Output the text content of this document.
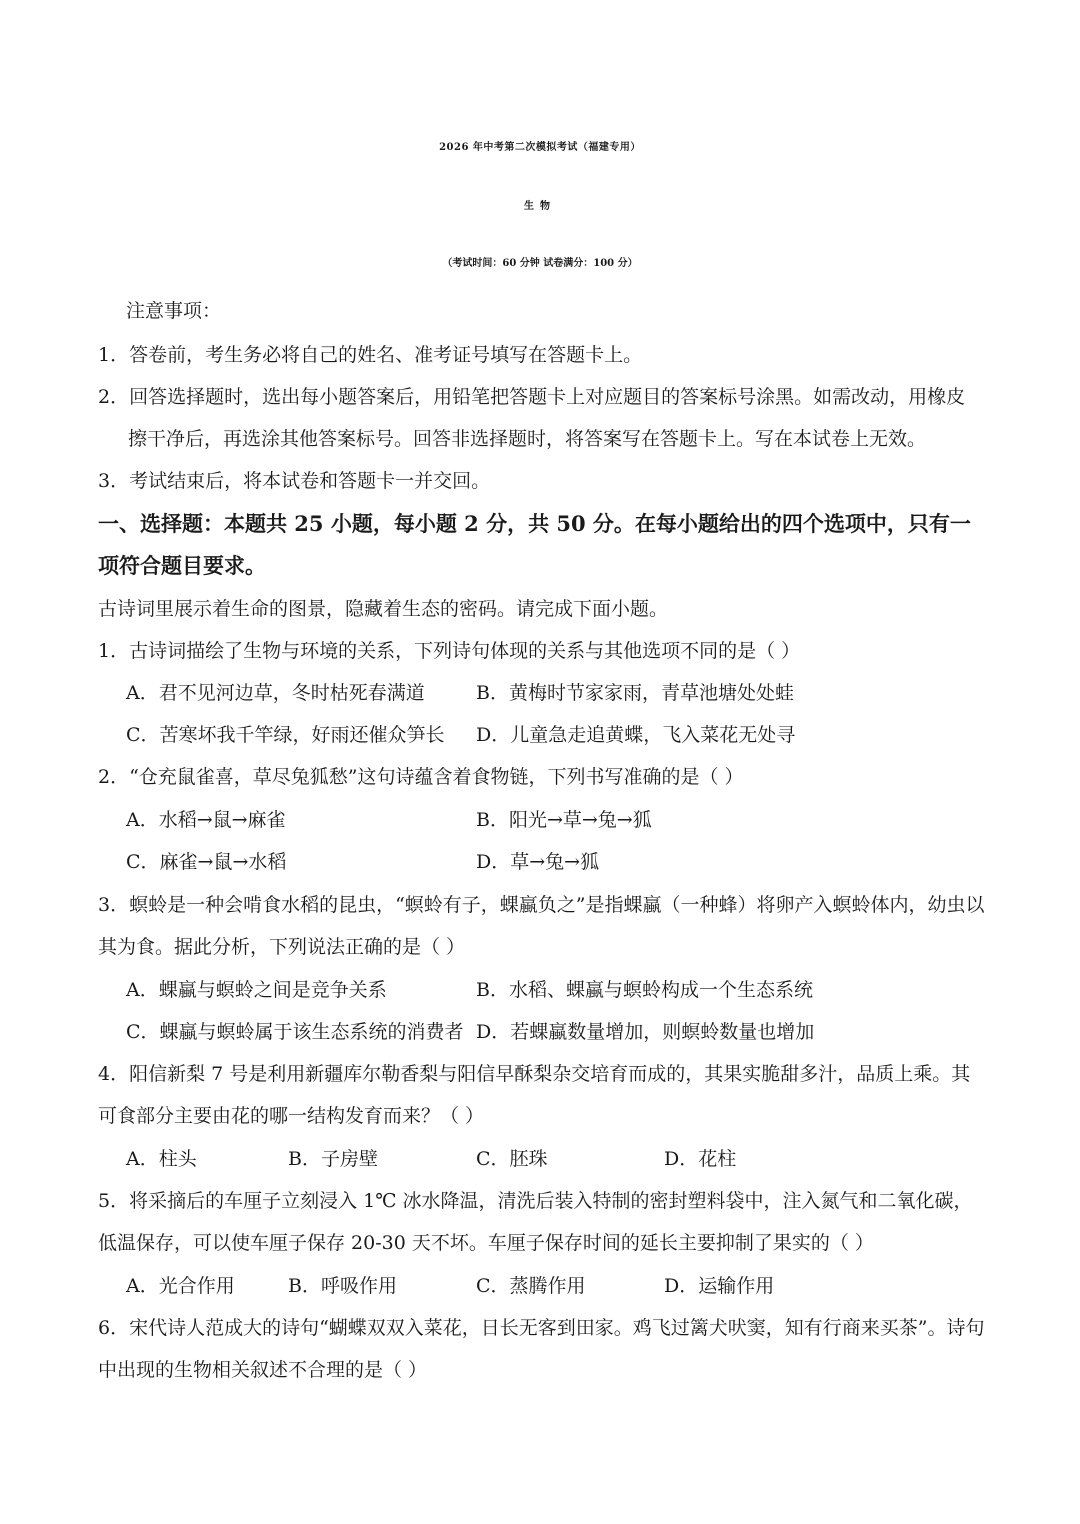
2026 年中考第二次模拟考试（福建专用）
生物
（考试时间：60 分钟 试卷满分：100 分）
注意事项：
1．答卷前，考生务必将自己的姓名、准考证号填写在答题卡上。
2．回答选择题时，选出每小题答案后，用铅笔把答题卡上对应题目的答案标号涂黑。如需改动，用橡皮
擦干净后，再选涂其他答案标号。回答非选择题时，将答案写在答题卡上。写在本试卷上无效。
3．考试结束后，将本试卷和答题卡一并交回。
一、选择题：本题共 25 小题，每小题 2 分，共 50 分。在每小题给出的四个选项中，只有一
项符合题目要求。
古诗词里展示着生命的图景，隐藏着生态的密码。请完成下面小题。
1．古诗词描绘了生物与环境的关系，下列诗句体现的关系与其他选项不同的是（ ）
A．君不见河边草，冬时枯死春满道	B．黄梅时节家家雨，青草池塘处处蛙
C．苦寒坏我千竿绿，好雨还催众笋长 D．儿童急走追黄蝶，飞入菜花无处寻
2．“仓充鼠雀喜，草尽兔狐愁”这句诗蕴含着食物链，下列书写准确的是（ ）
A．水稻→鼠→麻雀	B．阳光→草→兔→狐
C．麻雀→鼠→水稻	D．草→兔→狐
3．螟蛉是一种会啃食水稻的昆虫，“螟蛉有子，蜾蠃负之”是指蜾蠃（一种蜂）将卵产入螟蛉体内，幼虫以
其为食。据此分析，下列说法正确的是（ ）
A．蜾蠃与螟蛉之间是竞争关系	B．水稻、蜾蠃与螟蛉构成一个生态系统
C．蜾蠃与螟蛉属于该生态系统的消费者 D．若蜾蠃数量增加，则螟蛉数量也增加
4．阳信新梨 7 号是利用新疆库尔勒香梨与阳信早酥梨杂交培育而成的，其果实脆甜多汁，品质上乘。其
可食部分主要由花的哪一结构发育而来？（ ）
A．柱头	B．子房壁	C．胚珠	D．花柱
5．将采摘后的车厘子立刻浸入 1℃ 冰水降温，清洗后装入特制的密封塑料袋中，注入氮气和二氧化碳，
低温保存，可以使车厘子保存 20-30 天不坏。车厘子保存时间的延长主要抑制了果实的（ ）
A．光合作用	B．呼吸作用	C．蒸腾作用	D．运输作用
6．宋代诗人范成大的诗句“蝴蝶双双入菜花，日长无客到田家。鸡飞过篱犬吠窦，知有行商来买茶”。诗句
中出现的生物相关叙述不合理的是（ ）
